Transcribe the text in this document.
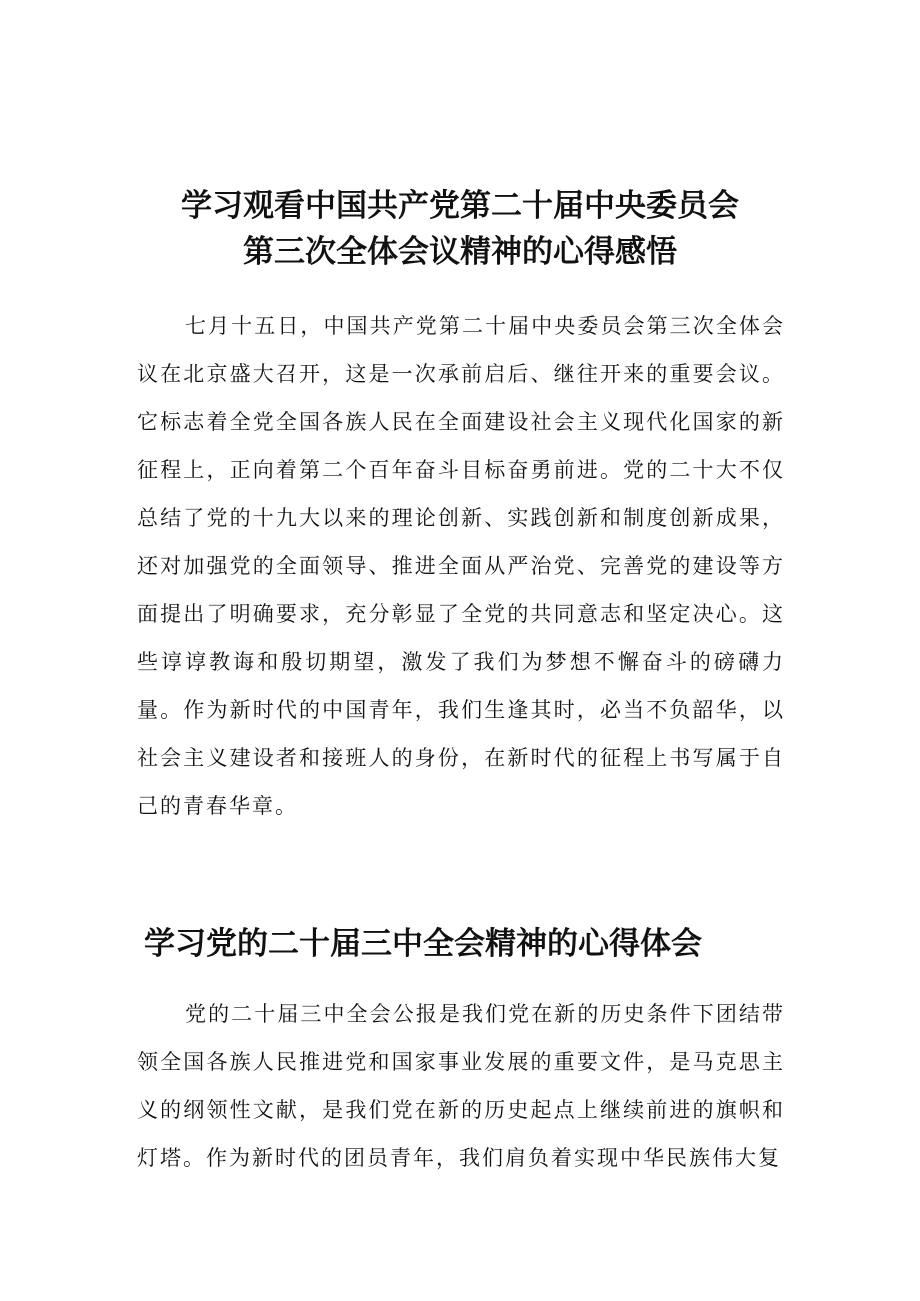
学习观看中国共产党第二十届中央委员会
第三次全体会议精神的心得感悟

七月十五日，中国共产党第二十届中央委员会第三次全体会议在北京盛大召开，这是一次承前启后、继往开来的重要会议。它标志着全党全国各族人民在全面建设社会主义现代化国家的新征程上，正向着第二个百年奋斗目标奋勇前进。党的二十大不仅总结了党的十九大以来的理论创新、实践创新和制度创新成果，还对加强党的全面领导、推进全面从严治党、完善党的建设等方面提出了明确要求，充分彰显了全党的共同意志和坚定决心。这些谆谆教诲和殷切期望，激发了我们为梦想不懈奋斗的磅礴力量。作为新时代的中国青年，我们生逢其时，必当不负韶华，以社会主义建设者和接班人的身份，在新时代的征程上书写属于自己的青春华章。

学习党的二十届三中全会精神的心得体会

党的二十届三中全会公报是我们党在新的历史条件下团结带领全国各族人民推进党和国家事业发展的重要文件，是马克思主义的纲领性文献，是我们党在新的历史起点上继续前进的旗帜和灯塔。作为新时代的团员青年，我们肩负着实现中华民族伟大复
